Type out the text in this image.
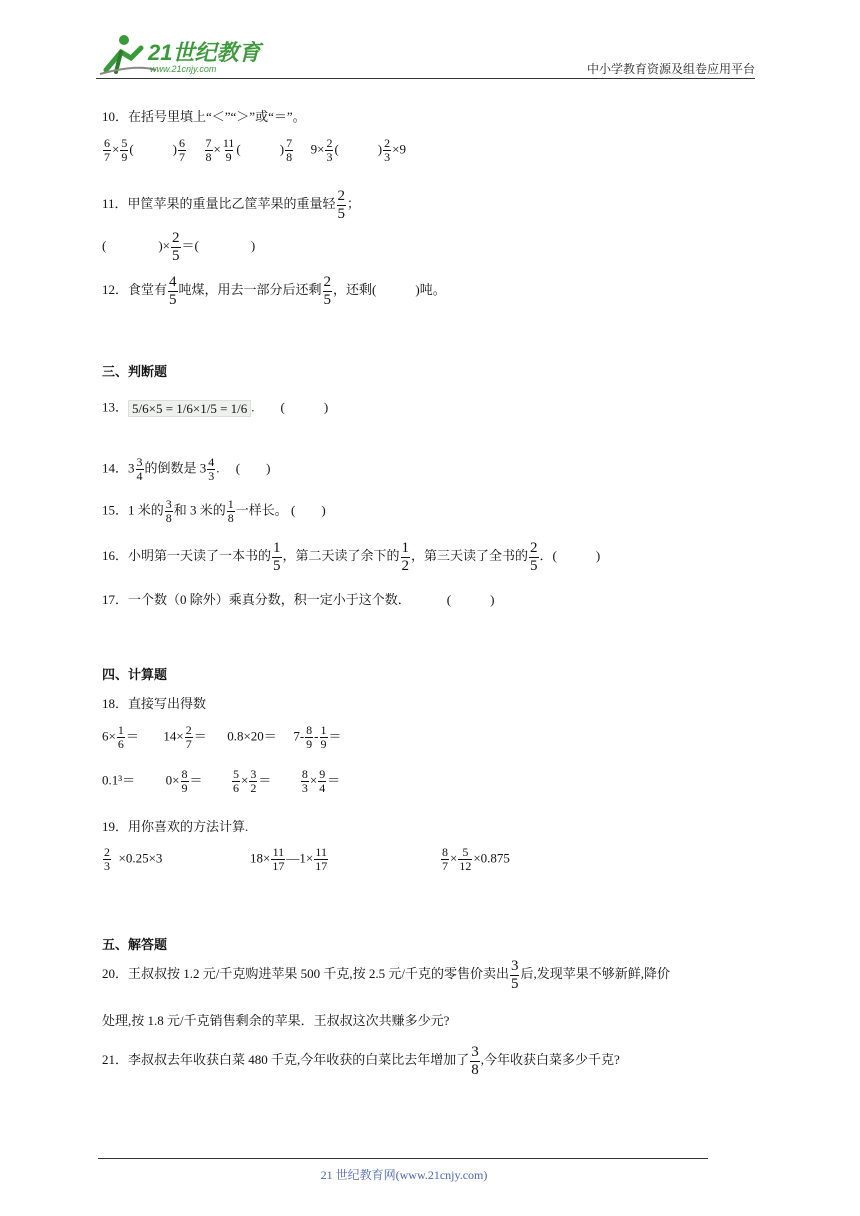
21世纪教育
www.21cnjy.com	中小学教育资源及组卷应用平台
10．在括号里填上“＜”“＞”或“＝”。
$\frac{6}{7} \times \frac{5}{9}$ (　　　) $\frac{6}{7}$
$\frac{7}{8} \times \frac{11}{9}$ (　　　) $\frac{7}{8} 9\times \frac{2}{3}$ (　　　) $\frac{2}{3} \times 9$
11．甲筐苹果的重量比乙筐苹果的重量轻 $\frac{2}{5}$ ；
(　　　　)× $\frac{2}{5}$ ＝(　　　　)
12．食堂有 $\frac{4}{5}$ 吨煤，用去一部分后还剩 $\frac{2}{5}$ ，还剩(　　　)吨。
三、判断题
13． 5/6×5 = 1/6×1/5 = 1/6 .　　(　　　)
14．$3 \frac{3}{4}$ 的倒数是 $3 \frac{4}{3}$ .　 (　　)
15．1 米的 $\frac{3}{8}$ 和 3 米的 $\frac{1}{8}$ 一样长。 (　　)
16．小明第一天读了一本书的 $\frac{1}{5}$ ，第二天读了余下的 $\frac{1}{2}$ ，第三天读了全书的 $\frac{2}{5}$ ．(　　　)
17．一个数（0 除外）乘真分数，积一定小于这个数．	(　　　)
四、计算题
18．直接写出得数
$6\times \frac{1}{6} = 14\times \frac{2}{7} = 0.8\times 20= 7- \frac{8}{9} - \frac{1}{9}$ ＝
$0.1^3= 0\times \frac{8}{9} = \frac{5}{6} \times \frac{3}{2} = \frac{8}{3} \times \frac{9}{4}$ ＝
19．用你喜欢的方法计算.
$\frac{2}{3} \times 0.25\times 3$	$18\times \frac{11}{17}$ —1× $\frac{11}{17}$	$\frac{8}{7} \times \frac{5}{12} \times 0.875$
五、解答题
20．王叔叔按 1.2 元/千克购进苹果 500 千克,按 2.5 元/千克的零售价卖出 $\frac{3}{5}$ 后,发现苹果不够新鲜,降价
处理,按 1.8 元/千克销售剩余的苹果．王叔叔这次共赚多少元?
21．李叔叔去年收获白菜 480 千克,今年收获的白菜比去年增加了 $\frac{3}{8}$ ,今年收获白菜多少千克?
21 世纪教育网(www.21cnjy.com)
